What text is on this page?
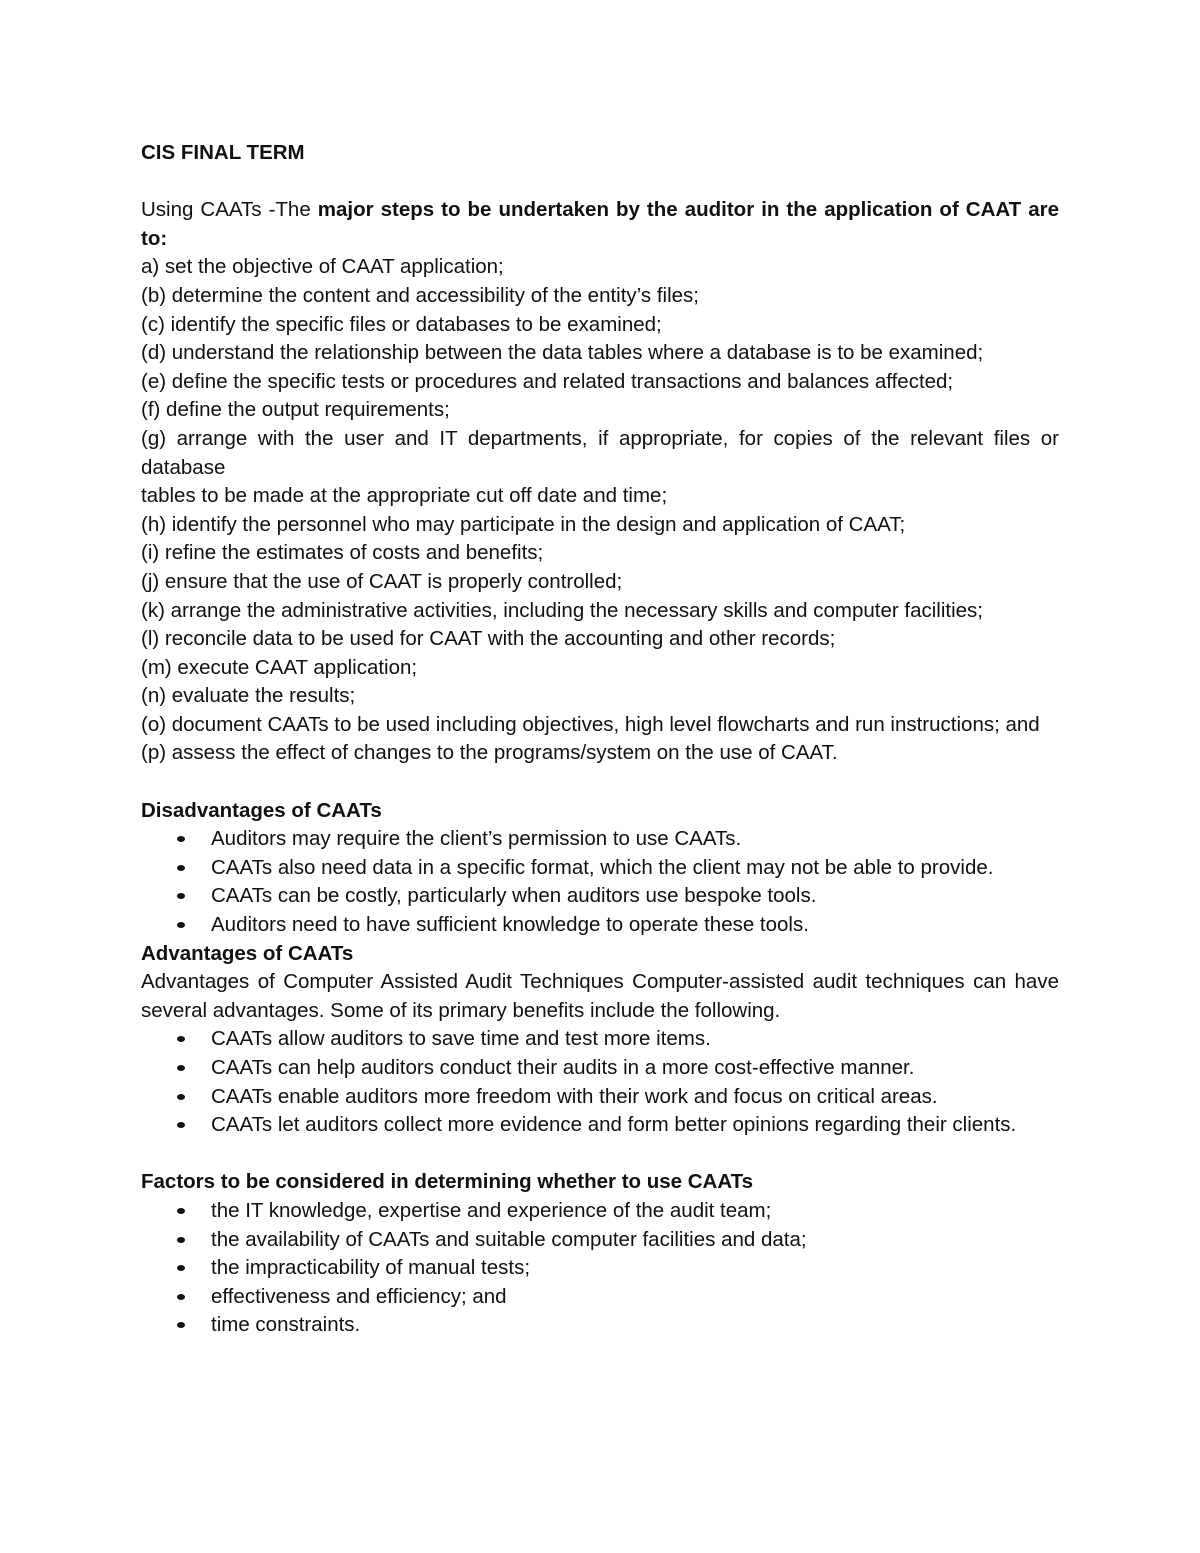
CIS FINAL TERM

Using CAATs -The major steps to be undertaken by the auditor in the application of CAAT are to:

a) set the objective of CAAT application;
(b) determine the content and accessibility of the entity’s files;
(c) identify the specific files or databases to be examined;
(d) understand the relationship between the data tables where a database is to be examined;
(e) define the specific tests or procedures and related transactions and balances affected;
(f) define the output requirements;
(g) arrange with the user and IT departments, if appropriate, for copies of the relevant files or database
tables to be made at the appropriate cut off date and time;
(h) identify the personnel who may participate in the design and application of CAAT;
(i) refine the estimates of costs and benefits;
(j) ensure that the use of CAAT is properly controlled;
(k) arrange the administrative activities, including the necessary skills and computer facilities;
(l) reconcile data to be used for CAAT with the accounting and other records;
(m) execute CAAT application;
(n) evaluate the results;
(o) document CAATs to be used including objectives, high level flowcharts and run instructions; and
(p) assess the effect of changes to the programs/system on the use of CAAT.

Disadvantages of CAATs

Auditors may require the client’s permission to use CAATs.
CAATs also need data in a specific format, which the client may not be able to provide.
CAATs can be costly, particularly when auditors use bespoke tools.
Auditors need to have sufficient knowledge to operate these tools.

Advantages of CAATs

Advantages of Computer Assisted Audit Techniques Computer-assisted audit techniques can have several advantages. Some of its primary benefits include the following.

CAATs allow auditors to save time and test more items.
CAATs can help auditors conduct their audits in a more cost-effective manner.
CAATs enable auditors more freedom with their work and focus on critical areas.
CAATs let auditors collect more evidence and form better opinions regarding their clients.

Factors to be considered in determining whether to use CAATs

the IT knowledge, expertise and experience of the audit team;
the availability of CAATs and suitable computer facilities and data;
the impracticability of manual tests;
effectiveness and efficiency; and
time constraints.
